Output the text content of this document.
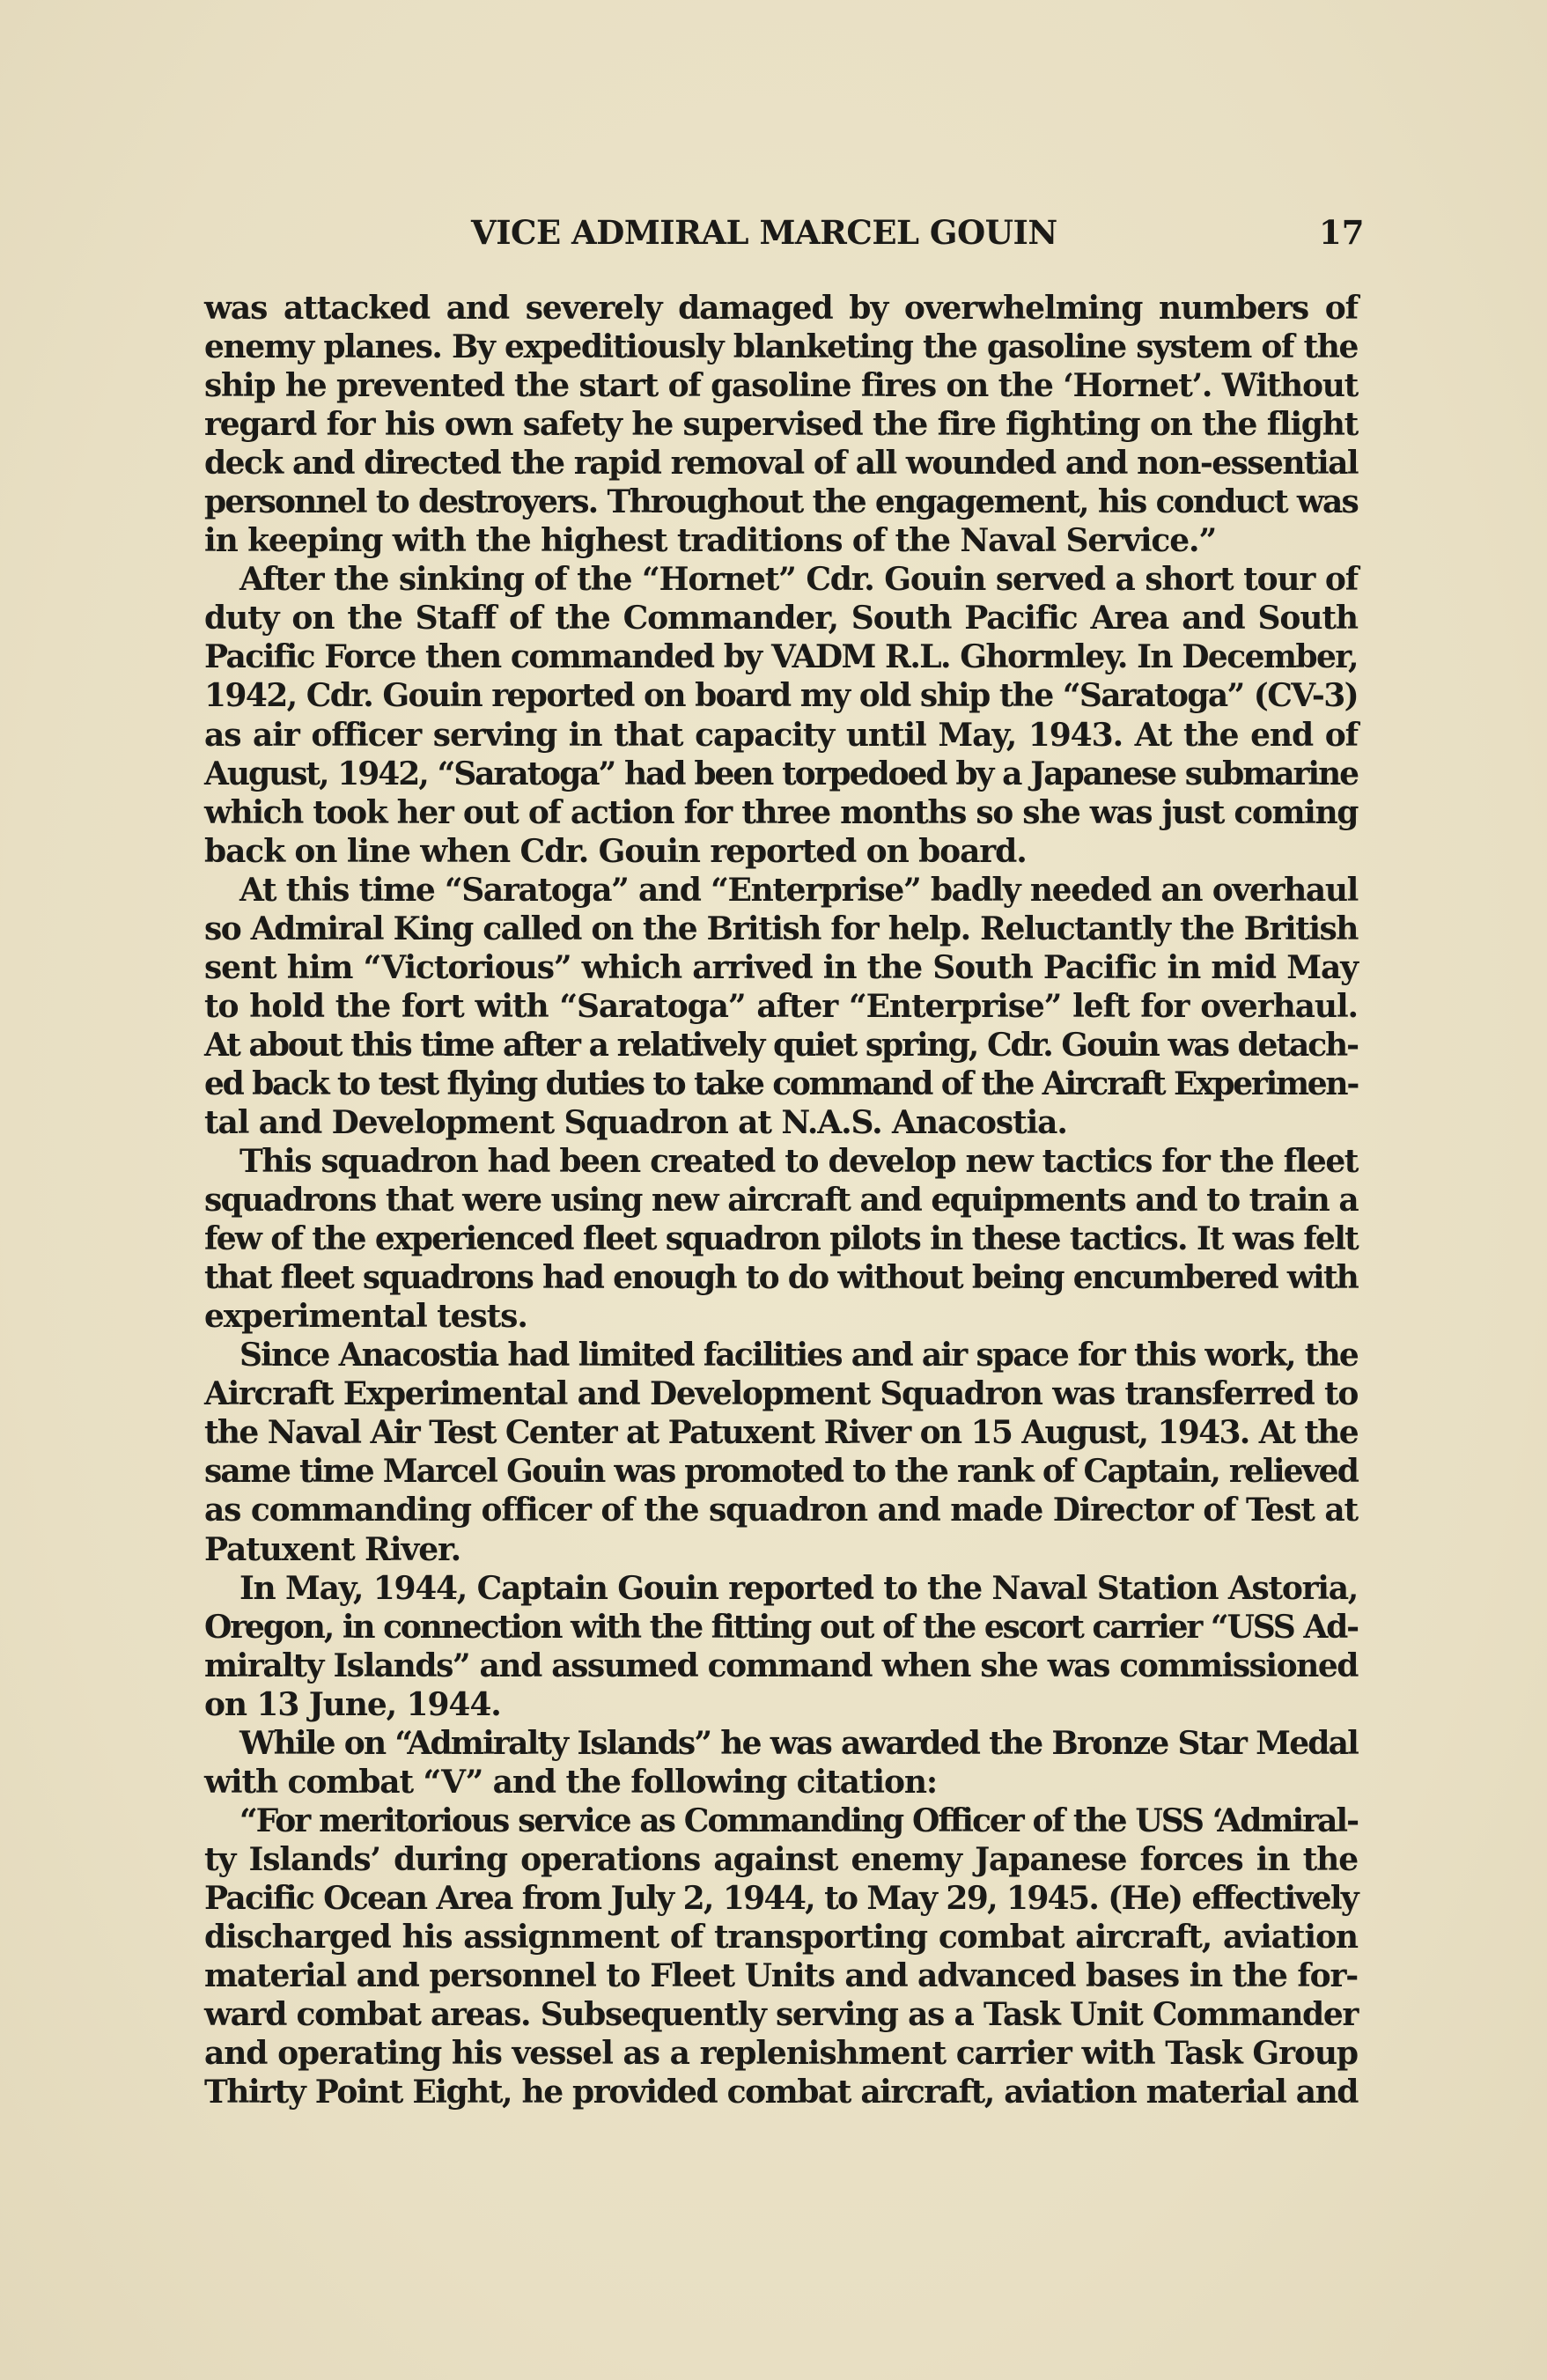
VICE ADMIRAL MARCEL GOUIN	17
was attacked and severely damaged by overwhelming numbers of
enemy planes. By expeditiously blanketing the gasoline system of the
ship he prevented the start of gasoline fires on the ‘Hornet’. Without
regard for his own safety he supervised the fire fighting on the flight
deck and directed the rapid removal of all wounded and non-essential
personnel to destroyers. Throughout the engagement, his conduct was
in keeping with the highest traditions of the Naval Service.”
After the sinking of the “Hornet” Cdr. Gouin served a short tour of
duty on the Staff of the Commander, South Pacific Area and South
Pacific Force then commanded by VADM R.L. Ghormley. In December,
1942, Cdr. Gouin reported on board my old ship the “Saratoga” (CV-3)
as air officer serving in that capacity until May, 1943. At the end of
August, 1942, “Saratoga” had been torpedoed by a Japanese submarine
which took her out of action for three months so she was just coming
back on line when Cdr. Gouin reported on board.
At this time “Saratoga” and “Enterprise” badly needed an overhaul
so Admiral King called on the British for help. Reluctantly the British
sent him “Victorious” which arrived in the South Pacific in mid May
to hold the fort with “Saratoga” after “Enterprise” left for overhaul.
At about this time after a relatively quiet spring, Cdr. Gouin was detach-
ed back to test flying duties to take command of the Aircraft Experimen-
tal and Development Squadron at N.A.S. Anacostia.
This squadron had been created to develop new tactics for the fleet
squadrons that were using new aircraft and equipments and to train a
few of the experienced fleet squadron pilots in these tactics. It was felt
that fleet squadrons had enough to do without being encumbered with
experimental tests.
Since Anacostia had limited facilities and air space for this work, the
Aircraft Experimental and Development Squadron was transferred to
the Naval Air Test Center at Patuxent River on 15 August, 1943. At the
same time Marcel Gouin was promoted to the rank of Captain, relieved
as commanding officer of the squadron and made Director of Test at
Patuxent River.
In May, 1944, Captain Gouin reported to the Naval Station Astoria,
Oregon, in connection with the fitting out of the escort carrier “USS Ad-
miralty Islands” and assumed command when she was commissioned
on 13 June, 1944.
While on “Admiralty Islands” he was awarded the Bronze Star Medal
with combat “V” and the following citation:
“For meritorious service as Commanding Officer of the USS ‘Admiral-
ty Islands’ during operations against enemy Japanese forces in the
Pacific Ocean Area from July 2, 1944, to May 29, 1945. (He) effectively
discharged his assignment of transporting combat aircraft, aviation
material and personnel to Fleet Units and advanced bases in the for-
ward combat areas. Subsequently serving as a Task Unit Commander
and operating his vessel as a replenishment carrier with Task Group
Thirty Point Eight, he provided combat aircraft, aviation material and
